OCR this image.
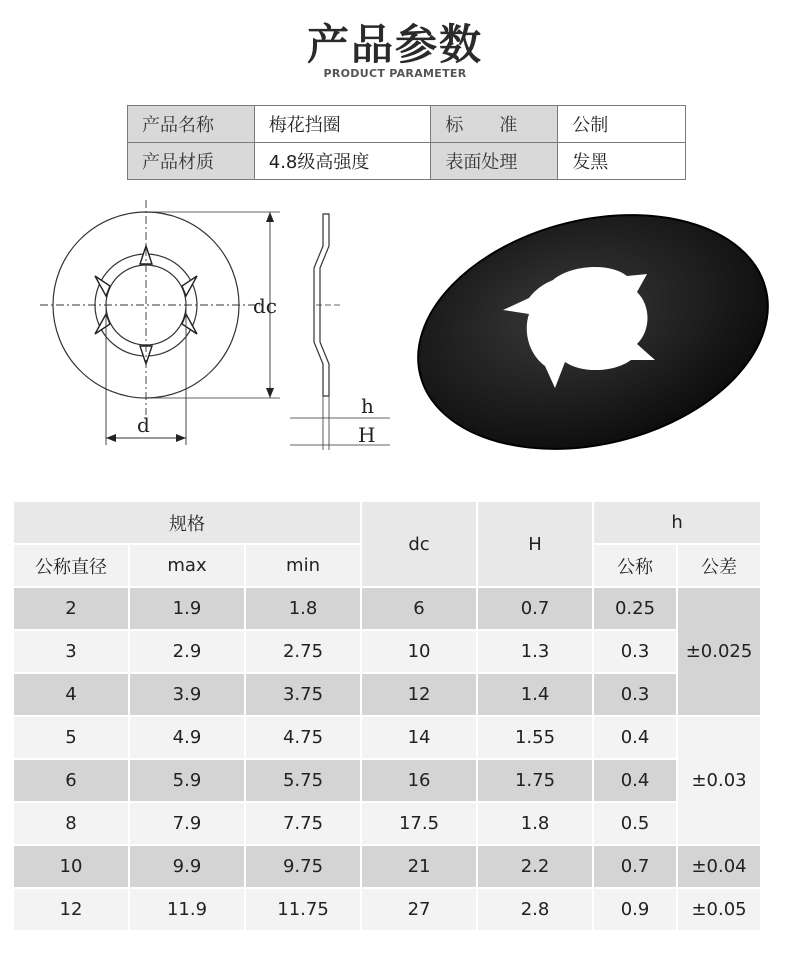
产品参数
PRODUCT PARAMETER
产品名称	梅花挡圈	标　　准	公制
产品材质	4.8级高强度	表面处理	发黑
dc
d
h
H
规格			dc	H	h	
公称直径	max	min			公称	公差
2	1.9	1.8	6	0.7	0.25	±0.025
3	2.9	2.75	10	1.3	0.3	
4	3.9	3.75	12	1.4	0.3	
5	4.9	4.75	14	1.55	0.4	±0.03
6	5.9	5.75	16	1.75	0.4	
8	7.9	7.75	17.5	1.8	0.5	
10	9.9	9.75	21	2.2	0.7	±0.04
12	11.9	11.75	27	2.8	0.9	±0.05
